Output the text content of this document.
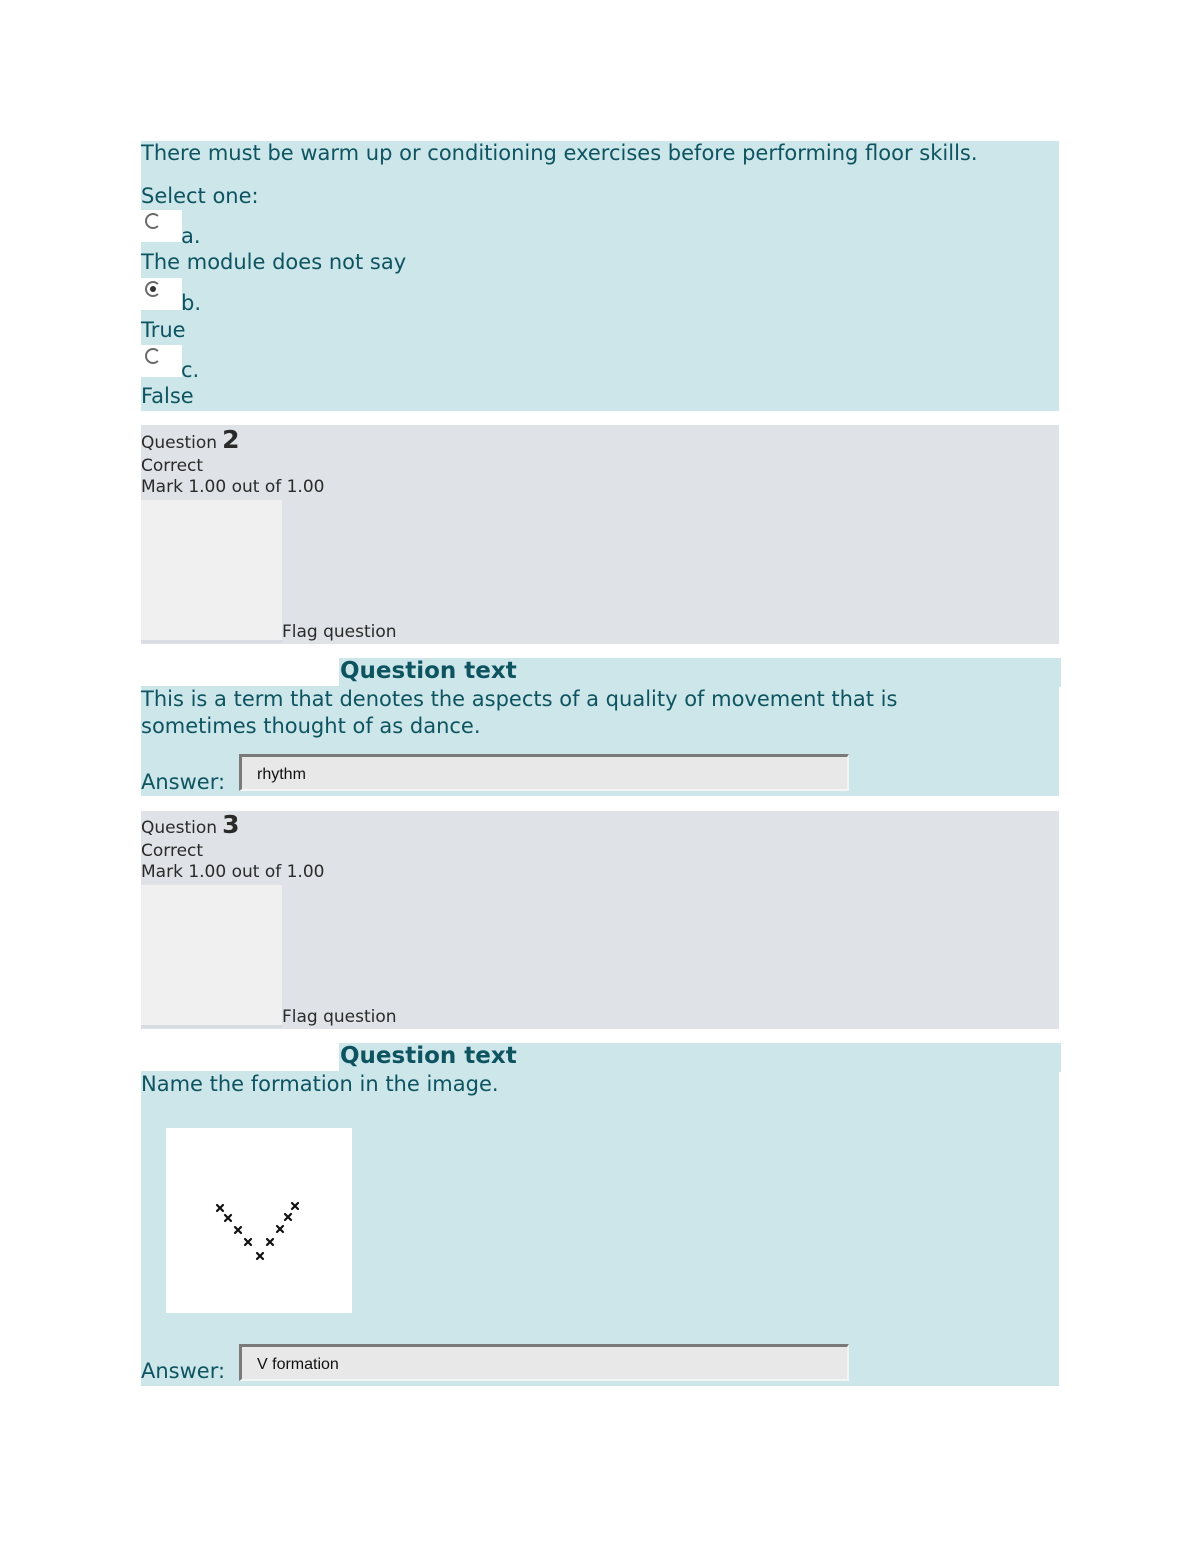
There must be warm up or conditioning exercises before performing floor skills.
Select one:
a.
The module does not say
b.
True
c.
False
Question 2
Correct
Mark 1.00 out of 1.00
Flag question
Question text
This is a term that denotes the aspects of a quality of movement that is
sometimes thought of as dance.
Answer:
rhythm
Question 3
Correct
Mark 1.00 out of 1.00
Flag question
Question text
Name the formation in the image.
Answer:
V formation
